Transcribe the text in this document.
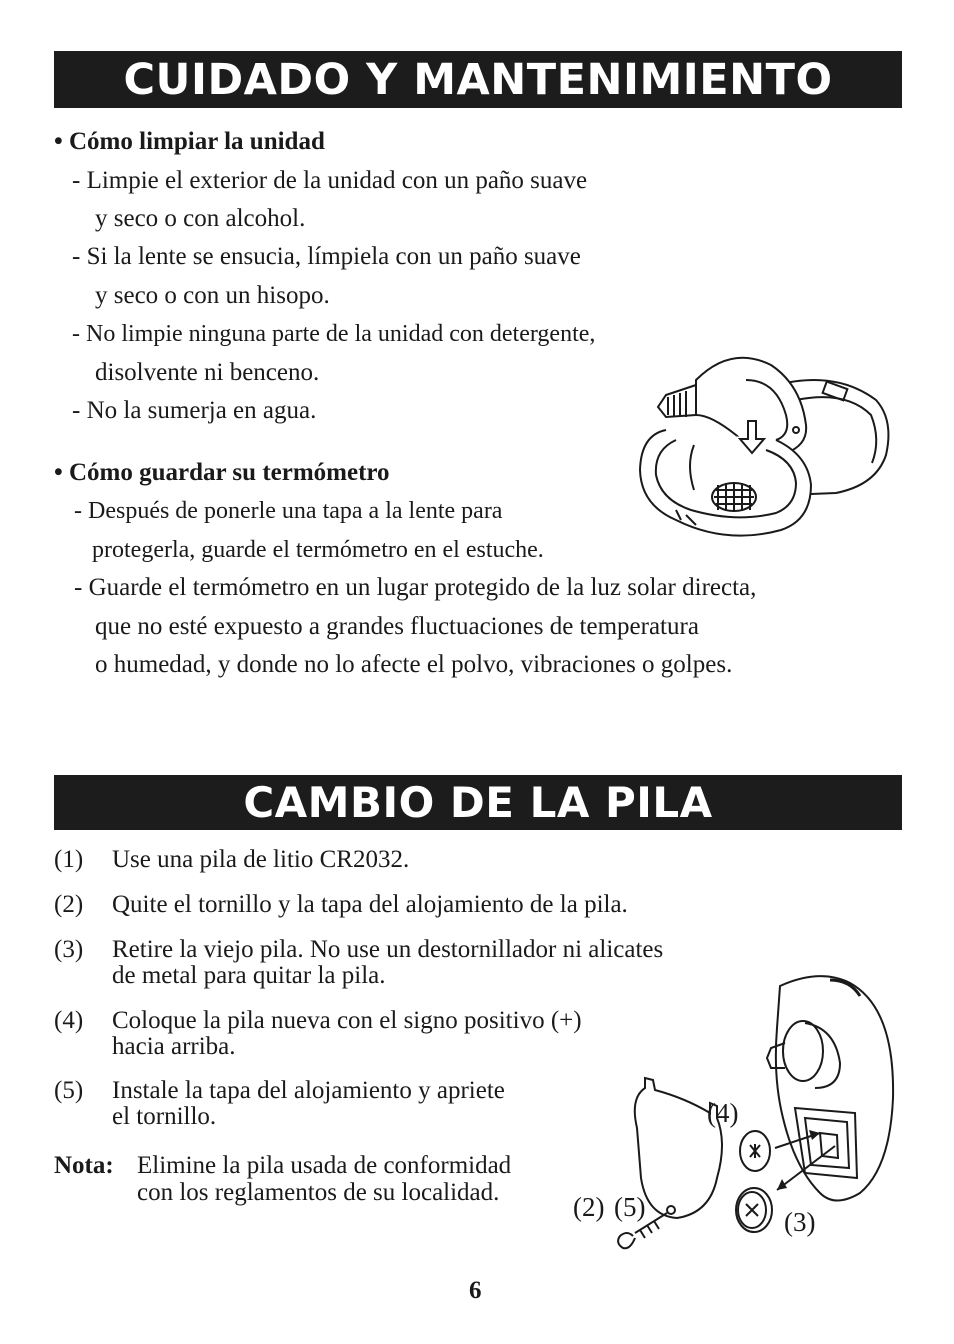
CUIDADO Y MANTENIMIENTO
• Cómo limpiar la unidad
- Limpie el exterior de la unidad con un paño suave
y seco o con alcohol.
- Si la lente se ensucia, límpiela con un paño suave
y seco o con un hisopo.
- No limpie ninguna parte de la unidad con detergente,
disolvente ni benceno.
- No la sumerja en agua.
• Cómo guardar su termómetro
- Después de ponerle una tapa a la lente para
protegerla, guarde el termómetro en el estuche.
- Guarde el termómetro en un lugar protegido de la luz solar directa,
que no esté expuesto a grandes fluctuaciones de temperatura
o humedad, y donde no lo afecte el polvo, vibraciones o golpes.
CAMBIO DE LA PILA
(1) Use una pila de litio CR2032.
(2) Quite el tornillo y la tapa del alojamiento de la pila.
(3) Retire la viejo pila. No use un destornillador ni alicates
de metal para quitar la pila.
(4) Coloque la pila nueva con el signo positivo (+)
hacia arriba.
(5) Instale la tapa del alojamiento y apriete
el tornillo.
Nota: Elimine la pila usada de conformidad
con los reglamentos de su localidad.
(4)
(3)
(2) (5)
6
